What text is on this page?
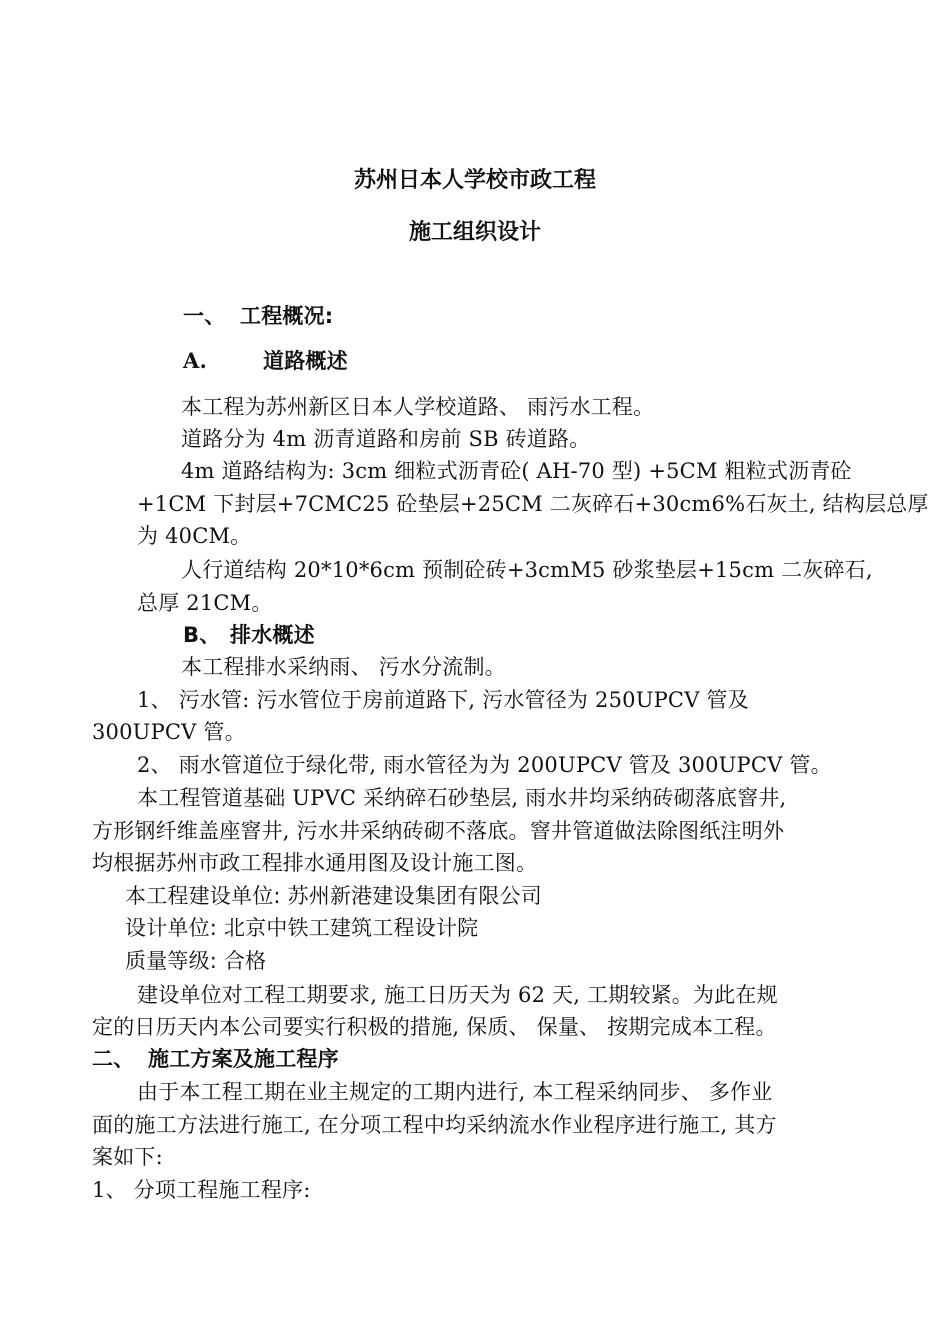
苏州日本人学校市政工程
施工组织设计
一、 工程概况:
A.	道路概述
本工程为苏州新区日本人学校道路、 雨污水工程。
道路分为 4m 沥青道路和房前 SB 砖道路。
4m 道路结构为: 3cm 细粒式沥青砼( AH-70 型) +5CM 粗粒式沥青砼
+1CM 下封层+7CMC25 砼垫层+25CM 二灰碎石+30cm6%石灰土, 结构层总厚
为 40CM。
人行道结构 20*10*6cm 预制砼砖+3cmM5 砂浆垫层+15cm 二灰碎石,
总厚 21CM。
B、 排水概述
本工程排水采纳雨、 污水分流制。
1、 污水管: 污水管位于房前道路下, 污水管径为 250UPCV 管及
300UPCV 管。
2、 雨水管道位于绿化带, 雨水管径为为 200UPCV 管及 300UPCV 管。
本工程管道基础 UPVC 采纳碎石砂垫层, 雨水井均采纳砖砌落底窨井,
方形钢纤维盖座窨井, 污水井采纳砖砌不落底。窨井管道做法除图纸注明外
均根据苏州市政工程排水通用图及设计施工图。
本工程建设单位: 苏州新港建设集团有限公司
设计单位: 北京中铁工建筑工程设计院
质量等级: 合格
建设单位对工程工期要求, 施工日历天为 62 天, 工期较紧。为此在规
定的日历天内本公司要实行积极的措施, 保质、 保量、 按期完成本工程。
二、 施工方案及施工程序
由于本工程工期在业主规定的工期内进行, 本工程采纳同步、 多作业
面的施工方法进行施工, 在分项工程中均采纳流水作业程序进行施工, 其方
案如下:
1、 分项工程施工程序:
